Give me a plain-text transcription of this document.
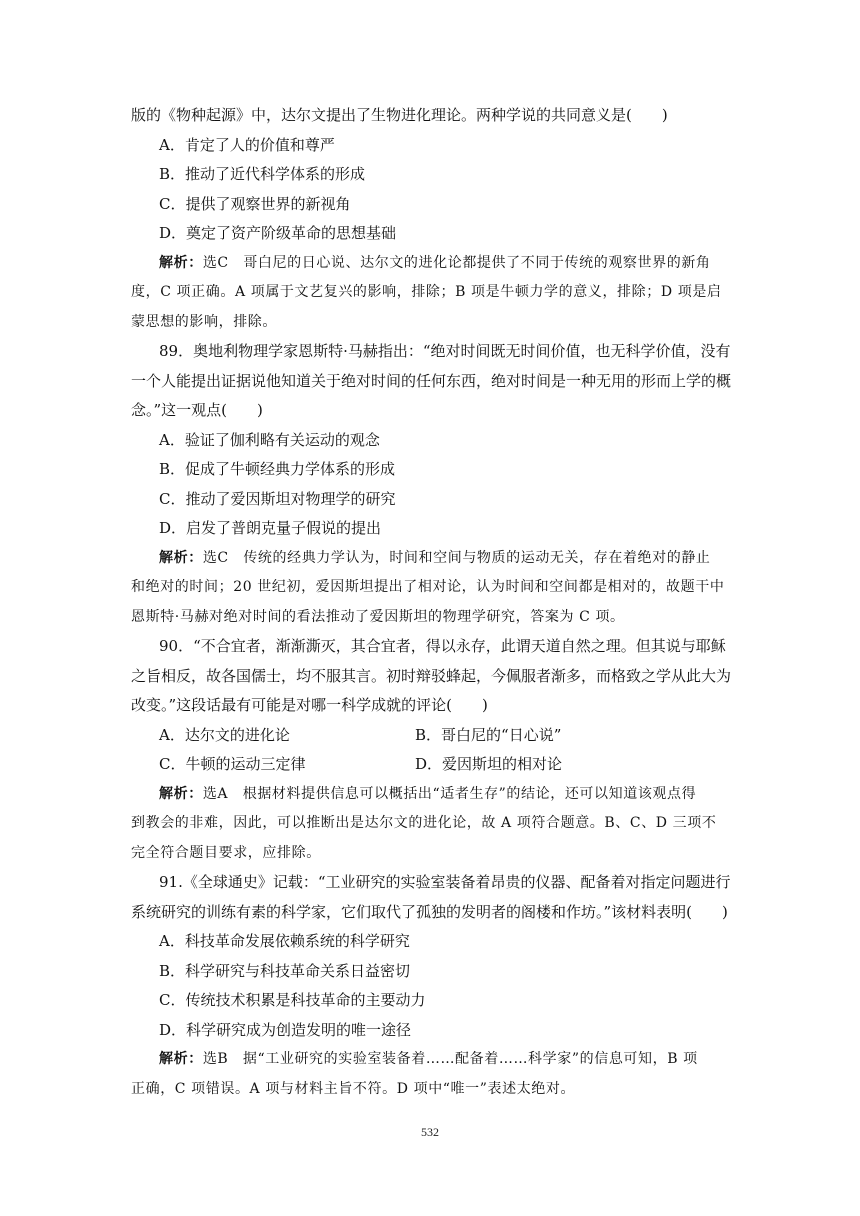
版的《物种起源》中，达尔文提出了生物进化理论。两种学说的共同意义是(　　)
A．肯定了人的价值和尊严
B．推动了近代科学体系的形成
C．提供了观察世界的新视角
D．奠定了资产阶级革命的思想基础
解析：选C　哥白尼的日心说、达尔文的进化论都提供了不同于传统的观察世界的新角
度，C 项正确。A 项属于文艺复兴的影响，排除；B 项是牛顿力学的意义，排除；D 项是启
蒙思想的影响，排除。
89．奥地利物理学家恩斯特·马赫指出：“绝对时间既无时间价值，也无科学价值，没有
一个人能提出证据说他知道关于绝对时间的任何东西，绝对时间是一种无用的形而上学的概
念。”这一观点(　　)
A．验证了伽利略有关运动的观念
B．促成了牛顿经典力学体系的形成
C．推动了爱因斯坦对物理学的研究
D．启发了普朗克量子假说的提出
解析：选C　传统的经典力学认为，时间和空间与物质的运动无关，存在着绝对的静止
和绝对的时间；20 世纪初，爱因斯坦提出了相对论，认为时间和空间都是相对的，故题干中
恩斯特·马赫对绝对时间的看法推动了爱因斯坦的物理学研究，答案为 C 项。
90．“不合宜者，渐渐澌灭，其合宜者，得以永存，此谓天道自然之理。但其说与耶稣
之旨相反，故各国儒士，均不服其言。初时辩驳蜂起，今佩服者渐多，而格致之学从此大为
改变。”这段话最有可能是对哪一科学成就的评论(　　)
A．达尔文的进化论	B．哥白尼的“日心说”
C．牛顿的运动三定律	D．爱因斯坦的相对论
解析：选A　根据材料提供信息可以概括出“适者生存”的结论，还可以知道该观点得
到教会的非难，因此，可以推断出是达尔文的进化论，故 A 项符合题意。B、C、D 三项不
完全符合题目要求，应排除。
91.《全球通史》记载：“工业研究的实验室装备着昂贵的仪器、配备着对指定问题进行
系统研究的训练有素的科学家，它们取代了孤独的发明者的阁楼和作坊。”该材料表明(　　)
A．科技革命发展依赖系统的科学研究
B．科学研究与科技革命关系日益密切
C．传统技术积累是科技革命的主要动力
D．科学研究成为创造发明的唯一途径
解析：选B　据“工业研究的实验室装备着……配备着……科学家”的信息可知，B 项
正确，C 项错误。A 项与材料主旨不符。D 项中“唯一”表述太绝对。
532
